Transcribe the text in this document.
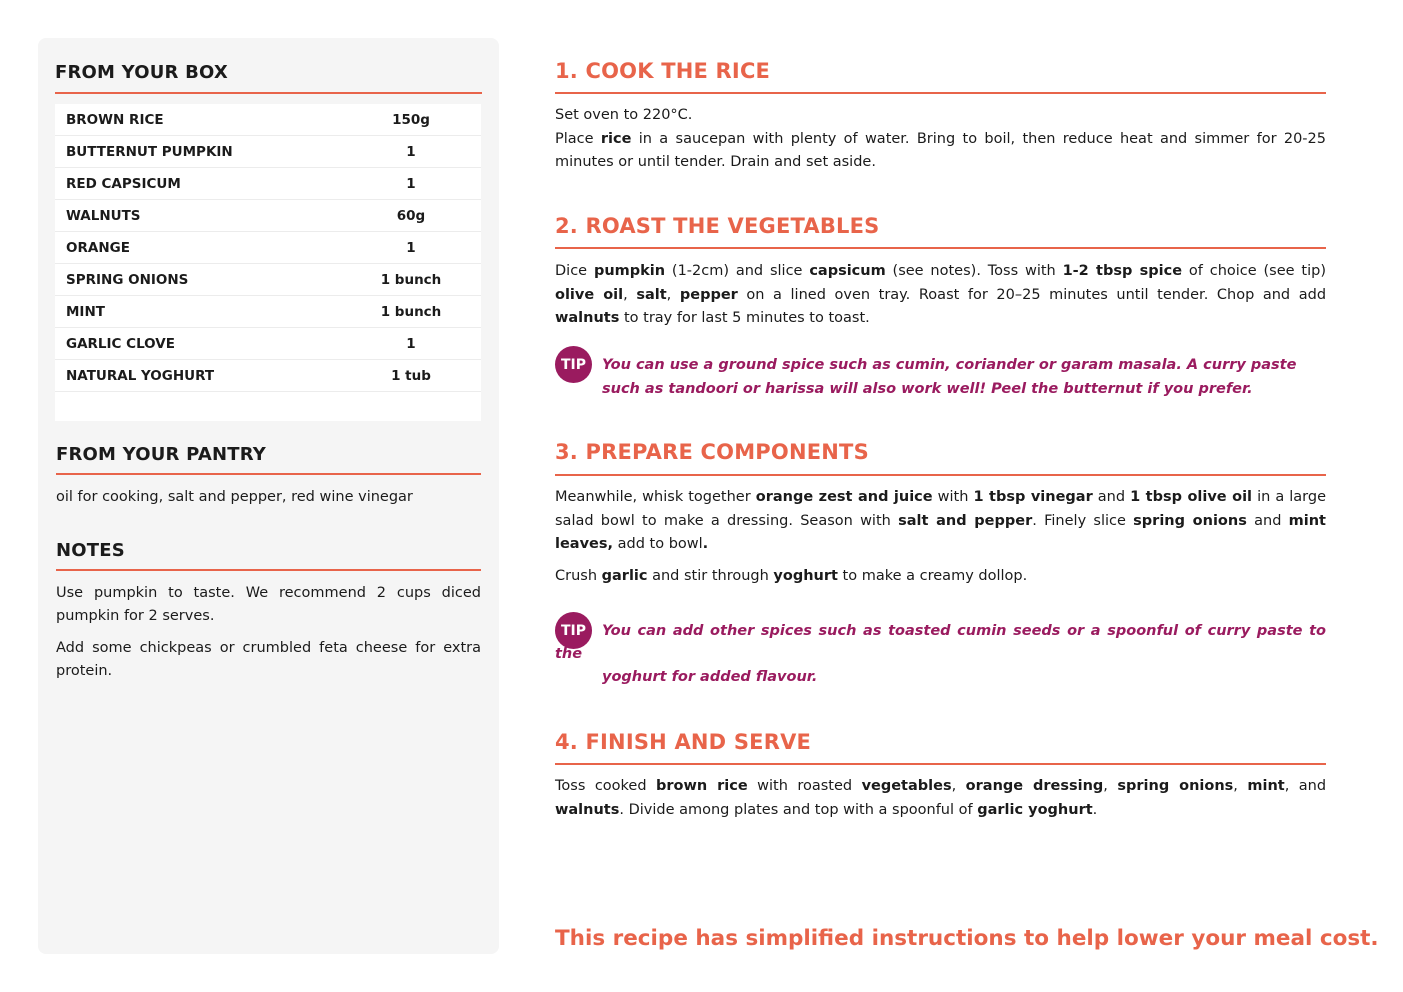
FROM YOUR BOX
BROWN RICE	150g
BUTTERNUT PUMPKIN	1
RED CAPSICUM	1
WALNUTS	60g
ORANGE	1
SPRING ONIONS	1 bunch
MINT	1 bunch
GARLIC CLOVE	1
NATURAL YOGHURT	1 tub
FROM YOUR PANTRY

oil for cooking, salt and pepper, red wine vinegar

NOTES

Use pumpkin to taste. We recommend 2 cups diced pumpkin for 2 serves.

Add some chickpeas or crumbled feta cheese for extra protein.

1. COOK THE RICE

Set oven to 220°C.
Place rice in a saucepan with plenty of water. Bring to boil, then reduce heat and simmer for 20-25 minutes or until tender. Drain and set aside.

2. ROAST THE VEGETABLES

Dice pumpkin (1-2cm) and slice capsicum (see notes). Toss with 1-2 tbsp spice of choice (see tip) olive oil, salt, pepper on a lined oven tray. Roast for 20–25 minutes until tender. Chop and add walnuts to tray for last 5 minutes to toast.

TIP	You can use a ground spice such as cumin, coriander or garam masala. A curry paste such as tandoori or harissa will also work well! Peel the butternut if you prefer.

3. PREPARE COMPONENTS

Meanwhile, whisk together orange zest and juice with 1 tbsp vinegar and 1 tbsp olive oil in a large salad bowl to make a dressing. Season with salt and pepper. Finely slice spring onions and mint leaves, add to bowl.

Crush garlic and stir through yoghurt to make a creamy dollop.

TIP	You can add other spices such as toasted cumin seeds or a spoonful of curry paste to

the

yoghurt for added flavour.

4. FINISH AND SERVE

Toss cooked brown rice with roasted vegetables, orange dressing, spring onions, mint, and walnuts. Divide among plates and top with a spoonful of garlic yoghurt.

This recipe has simplified instructions to help lower your meal cost.
